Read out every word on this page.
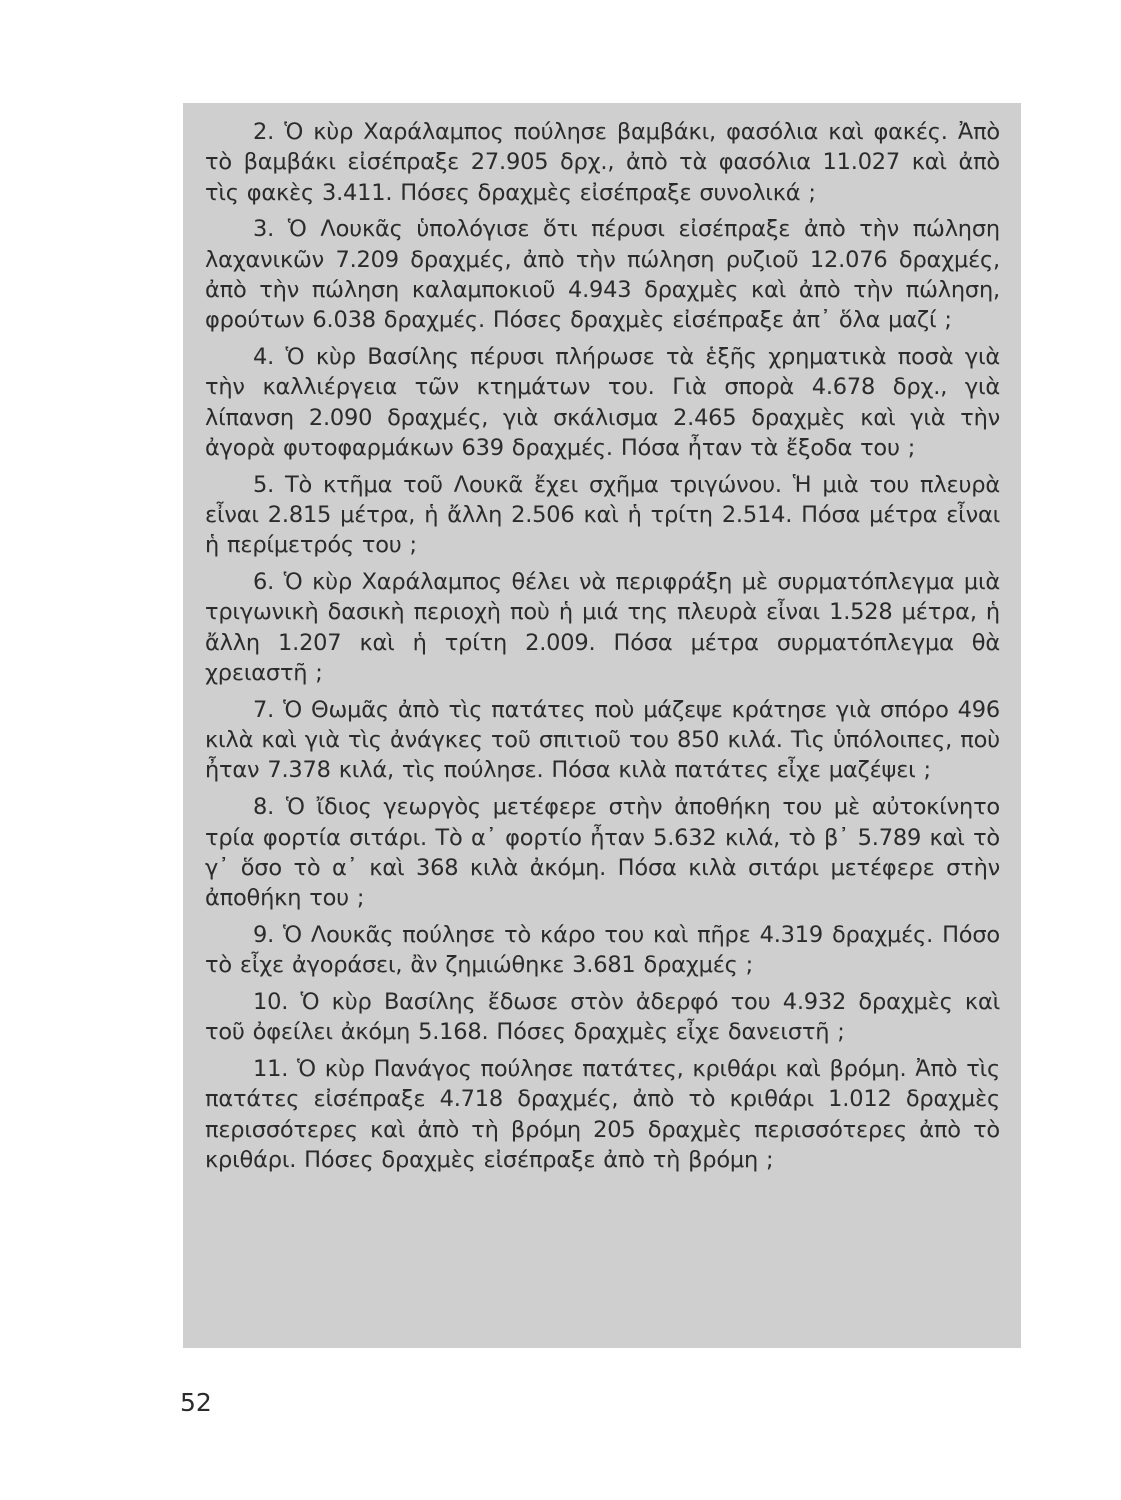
2. Ὁ κὺρ Χαράλαμπος πούλησε βαμβάκι, φασόλια καὶ φακές. Ἀπὸ τὸ βαμβάκι εἰσέπραξε 27.905 δρχ., ἀπὸ τὰ φασόλια 11.027 καὶ ἀπὸ τὶς φακὲς 3.411. Πόσες δραχμὲς εἰσέπραξε συνολικά ;

3. Ὁ Λουκᾶς ὑπολόγισε ὅτι πέρυσι εἰσέπραξε ἀπὸ τὴν πώληση λαχανικῶν 7.209 δραχμές, ἀπὸ τὴν πώληση ρυζιοῦ 12.076 δραχμές, ἀπὸ τὴν πώληση καλαμποκιοῦ 4.943 δραχμὲς καὶ ἀπὸ τὴν πώληση, φρούτων 6.038 δραχμές. Πόσες δραχμὲς εἰσέπραξε ἀπ᾿ ὅλα μαζί ;

4. Ὁ κὺρ Βασίλης πέρυσι πλήρωσε τὰ ἑξῆς χρηματικὰ ποσὰ γιὰ τὴν καλλιέργεια τῶν κτημάτων του. Γιὰ σπορὰ 4.678 δρχ., γιὰ λίπανση 2.090 δραχμές, γιὰ σκάλισμα 2.465 δραχμὲς καὶ γιὰ τὴν ἀγορὰ φυτοφαρμάκων 639 δραχμές. Πόσα ἦταν τὰ ἔξοδα του ;

5. Τὸ κτῆμα τοῦ Λουκᾶ ἔχει σχῆμα τριγώνου. Ἡ μιὰ του πλευρὰ εἶναι 2.815 μέτρα, ἡ ἄλλη 2.506 καὶ ἡ τρίτη 2.514. Πόσα μέτρα εἶναι ἡ περίμετρός του ;

6. Ὁ κὺρ Χαράλαμπος θέλει νὰ περιφράξη μὲ συρματόπλεγμα μιὰ τριγωνικὴ δασικὴ περιοχὴ ποὺ ἡ μιά της πλευρὰ εἶναι 1.528 μέτρα, ἡ ἄλλη 1.207 καὶ ἡ τρίτη 2.009. Πόσα μέτρα συρματόπλεγμα θὰ χρειαστῆ ;

7. Ὁ Θωμᾶς ἀπὸ τὶς πατάτες ποὺ μάζεψε κράτησε γιὰ σπόρο 496 κιλὰ καὶ γιὰ τὶς ἀνάγκες τοῦ σπιτιοῦ του 850 κιλά. Τὶς ὑπόλοιπες, ποὺ ἦταν 7.378 κιλά, τὶς πούλησε. Πόσα κιλὰ πατάτες εἶχε μαζέψει ;

8. Ὁ ἴδιος γεωργὸς μετέφερε στὴν ἀποθήκη του μὲ αὐτοκίνητο τρία φορτία σιτάρι. Τὸ α᾿ φορτίο ἦταν 5.632 κιλά, τὸ β᾿ 5.789 καὶ τὸ γ᾿ ὅσο τὸ α᾿ καὶ 368 κιλὰ ἀκόμη. Πόσα κιλὰ σιτάρι μετέφερε στὴν ἀποθήκη του ;

9. Ὁ Λουκᾶς πούλησε τὸ κάρο του καὶ πῆρε 4.319 δραχμές. Πόσο τὸ εἶχε ἀγοράσει, ἂν ζημιώθηκε 3.681 δραχμές ;

10. Ὁ κὺρ Βασίλης ἔδωσε στὸν ἀδερφό του 4.932 δραχμὲς καὶ τοῦ ὀφείλει ἀκόμη 5.168. Πόσες δραχμὲς εἶχε δανειστῆ ;

11. Ὁ κὺρ Πανάγος πούλησε πατάτες, κριθάρι καὶ βρόμη. Ἀπὸ τὶς πατάτες εἰσέπραξε 4.718 δραχμές, ἀπὸ τὸ κριθάρι 1.012 δραχμὲς περισσότερες καὶ ἀπὸ τὴ βρόμη 205 δραχμὲς περισσότερες ἀπὸ τὸ κριθάρι. Πόσες δραχμὲς εἰσέπραξε ἀπὸ τὴ βρόμη ;

52
